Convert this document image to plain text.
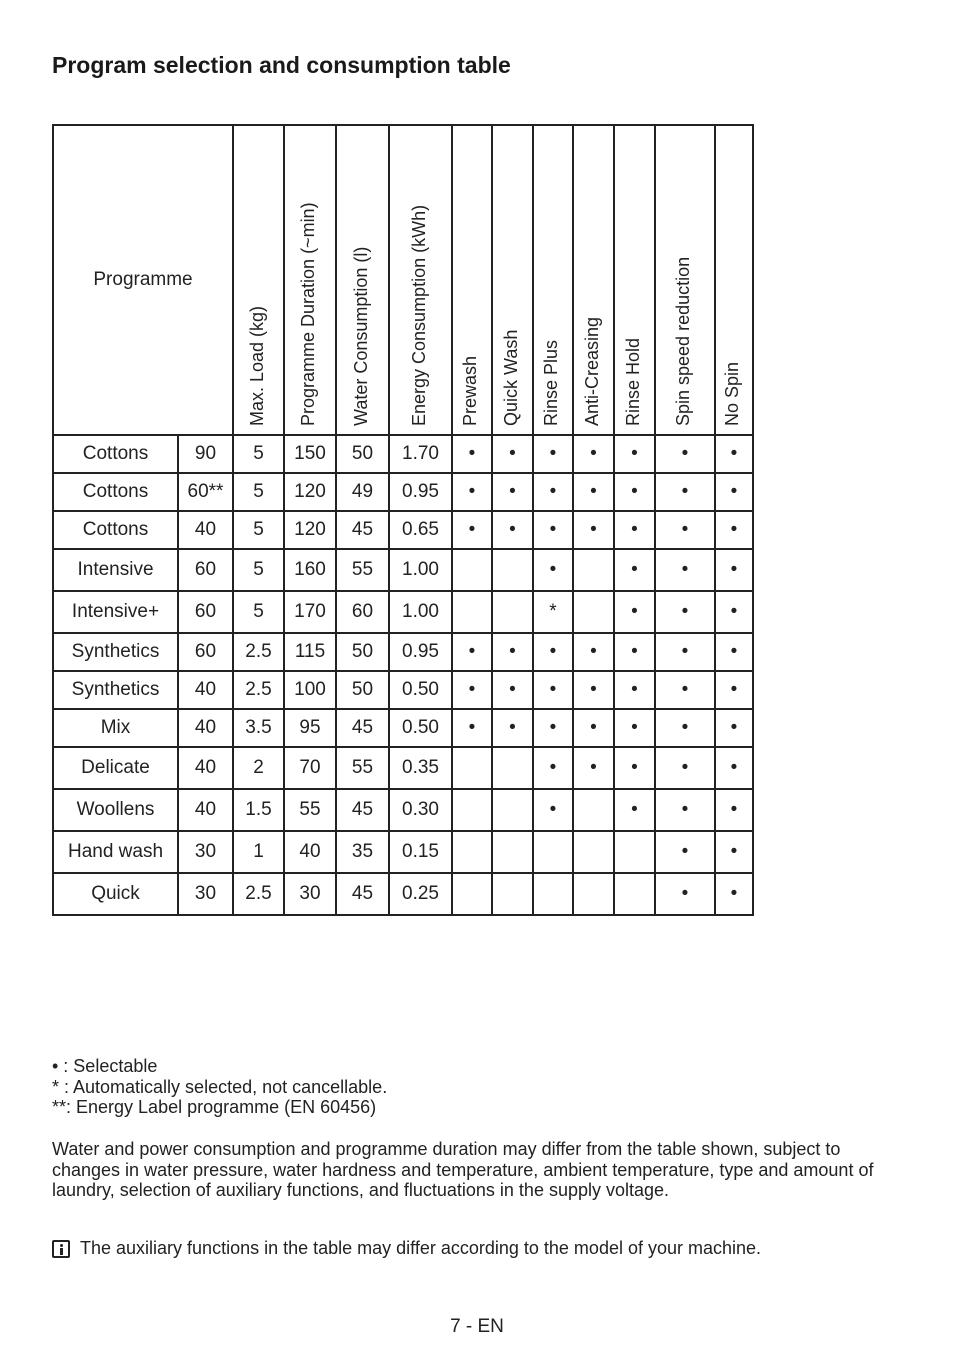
Program selection and consumption table
Programme		Max. Load (kg)	Programme Duration (~min)	Water Consumption (l)	Energy Consumption (kWh)	Prewash	Quick Wash	Rinse Plus	Anti-Creasing	Rinse Hold	Spin speed reduction	No Spin

Cottons	90	5	150	50	1.70	•	•	•	•	•	•	•
Cottons	60**	5	120	49	0.95	•	•	•	•	•	•	•
Cottons	40	5	120	45	0.65	•	•	•	•	•	•	•
Intensive	60	5	160	55	1.00			•		•	•	•
Intensive+	60	5	170	60	1.00			*		•	•	•
Synthetics	60	2.5	115	50	0.95	•	•	•	•	•	•	•
Synthetics	40	2.5	100	50	0.50	•	•	•	•	•	•	•
Mix	40	3.5	95	45	0.50	•	•	•	•	•	•	•
Delicate	40	2	70	55	0.35			•	•	•	•	•
Woollens	40	1.5	55	45	0.30			•		•	•	•
Hand wash	30	1	40	35	0.15						•	•
Quick	30	2.5	30	45	0.25						•	•
• : Selectable
* : Automatically selected, not cancellable.
**: Energy Label programme (EN 60456)

Water and power consumption and programme duration may differ from the table shown, subject to changes in water pressure, water hardness and temperature, ambient temperature, type and amount of laundry, selection of auxiliary functions, and fluctuations in the supply voltage.

The auxiliary functions in the table may differ according to the model of your machine.
7 - EN
